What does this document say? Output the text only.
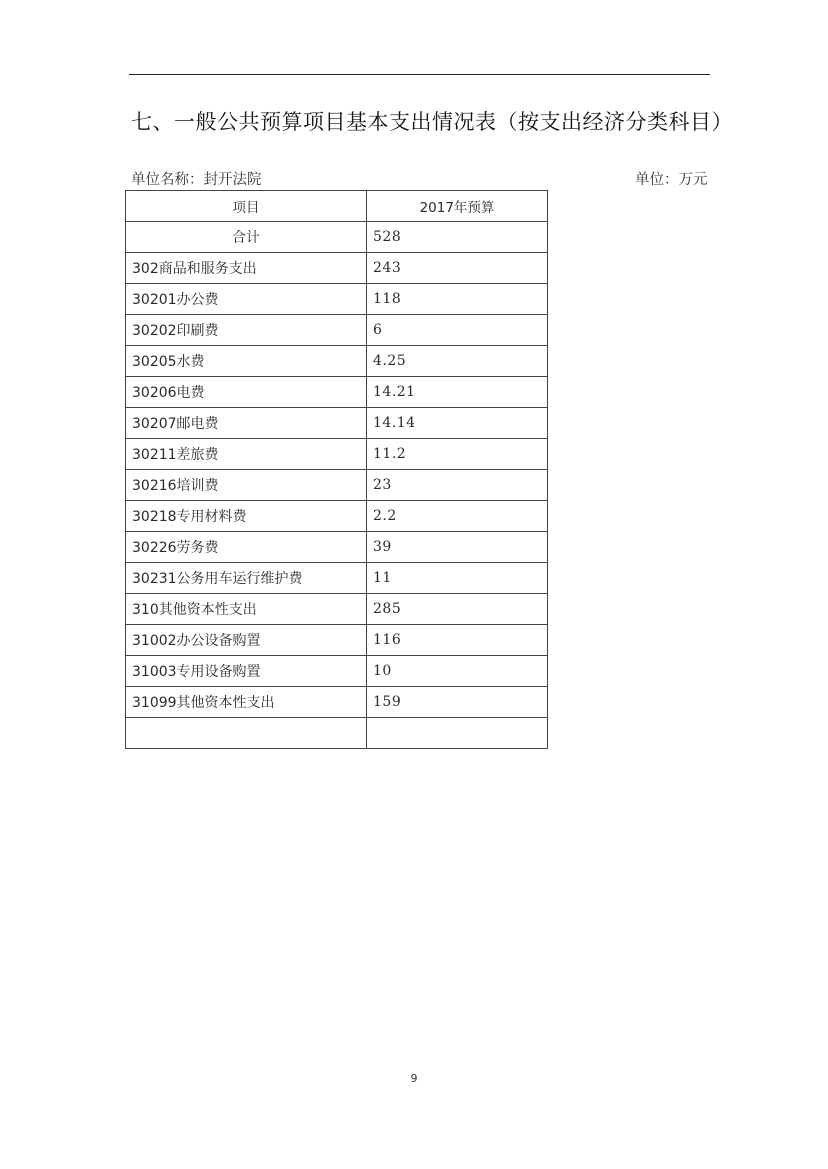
七、一般公共预算项目基本支出情况表（按支出经济分类科目）
单位名称：封开法院	单位：万元
项目	2017年预算
合计	528
302商品和服务支出	243
30201办公费	118
30202印刷费	6
30205水费	4.25
30206电费	14.21
30207邮电费	14.14
30211差旅费	11.2
30216培训费	23
30218专用材料费	2.2
30226劳务费	39
30231公务用车运行维护费	11
310其他资本性支出	285
31002办公设备购置	116
31003专用设备购置	10
31099其他资本性支出	159

9
